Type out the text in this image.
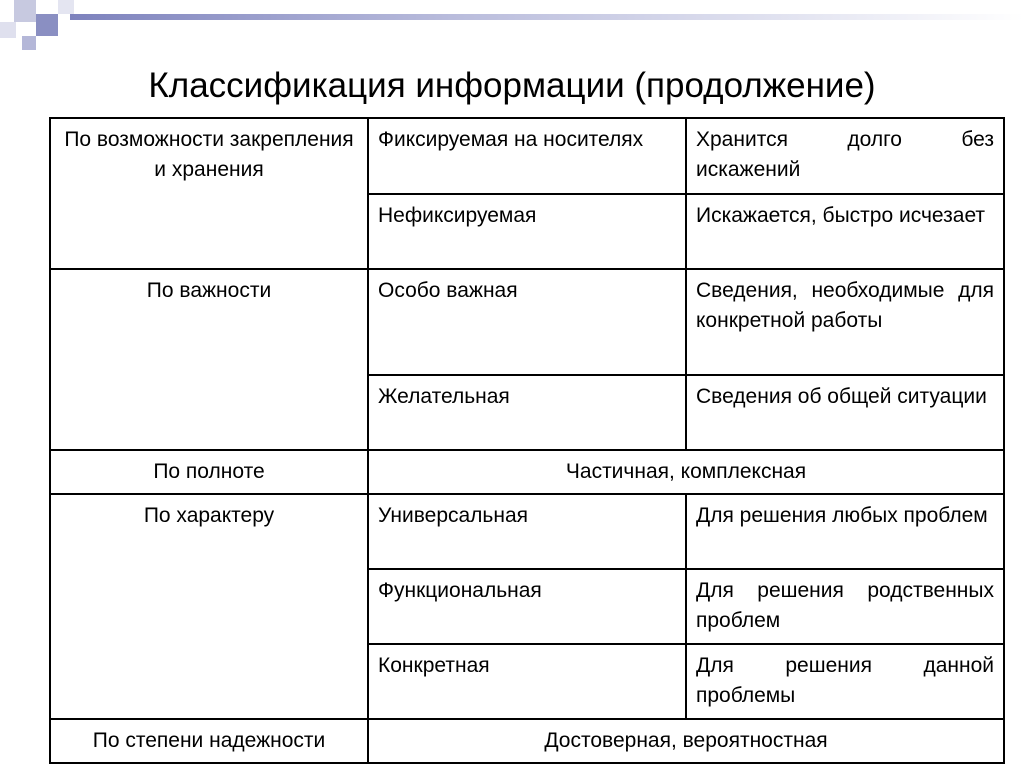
Классификация информации (продолжение)
По возможности закрепления и хранения	Фиксируемая на носителях	Хранится долго без искажений
	Нефиксируемая	Искажается, быстро исчезает
По важности	Особо важная	Сведения, необходимые для конкретной работы
	Желательная	Сведения об общей ситуации
По полноте	Частичная, комплексная	
По характеру	Универсальная	Для решения любых проблем
	Функциональная	Для решения родственных проблем
	Конкретная	Для решения данной проблемы
По степени надежности	Достоверная, вероятностная	
